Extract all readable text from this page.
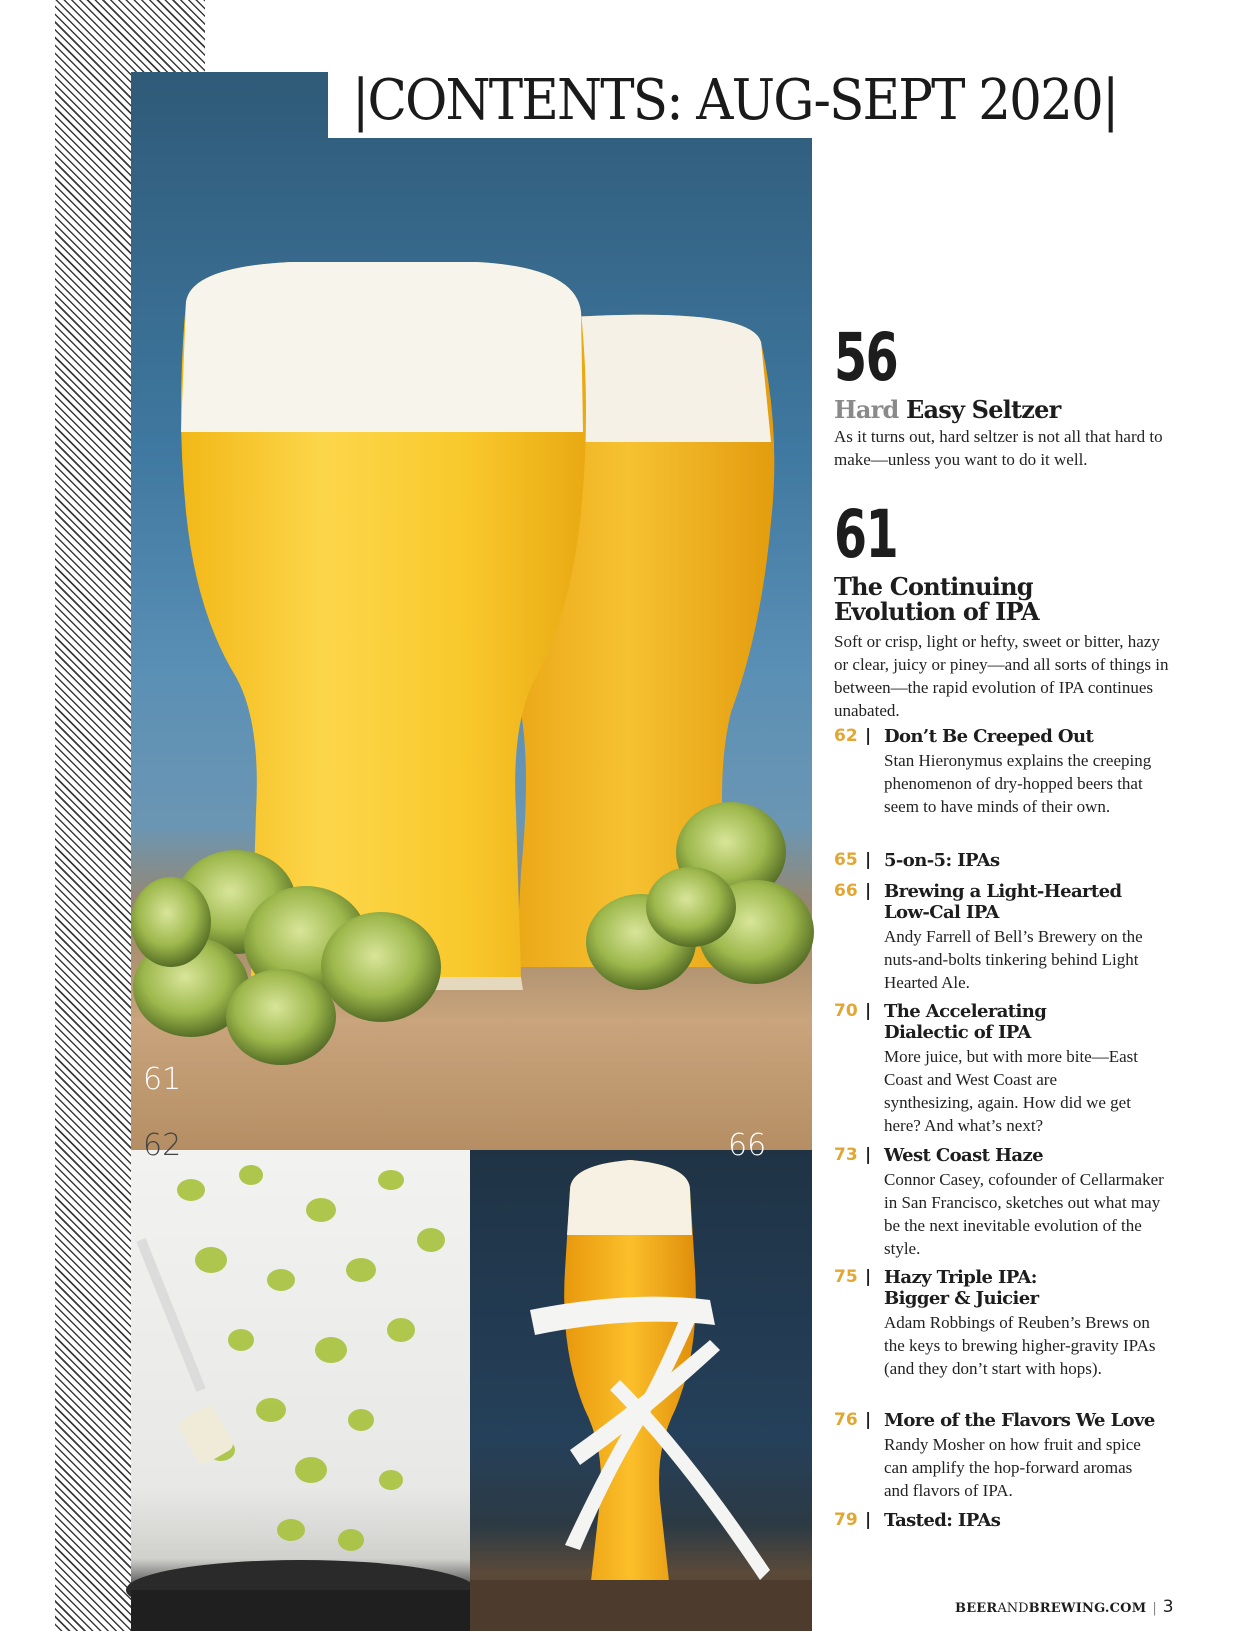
61
62	66
|CONTENTS: AUG-SEPT 2020|
56
Hard Easy Seltzer
As it turns out, hard seltzer is not all that hard to make—unless you want to do it well.
61
The Continuing Evolution of IPA
Soft or crisp, light or hefty, sweet or bitter, hazy or clear, juicy or piney—and all sorts of things in between—the rapid evolution of IPA continues unabated.
62 | Don’t Be Creeped Out
Stan Hieronymus explains the creeping phenomenon of dry-hopped beers that seem to have minds of their own.
65 | 5-on-5: IPAs
66 | Brewing a Light-Hearted Low-Cal IPA
Andy Farrell of Bell’s Brewery on the nuts-and-bolts tinkering behind Light Hearted Ale.
70 | The Accelerating Dialectic of IPA
More juice, but with more bite—East Coast and West Coast are synthesizing, again. How did we get here? And what’s next?
73 | West Coast Haze
Connor Casey, cofounder of Cellarmaker in San Francisco, sketches out what may be the next inevitable evolution of the style.
75 | Hazy Triple IPA: Bigger & Juicier
Adam Robbings of Reuben’s Brews on the keys to brewing higher-gravity IPAs (and they don’t start with hops).
76 | More of the Flavors We Love
Randy Mosher on how fruit and spice can amplify the hop-forward aromas and flavors of IPA.
79 | Tasted: IPAs
BEERANDBREWING.COM | 3
